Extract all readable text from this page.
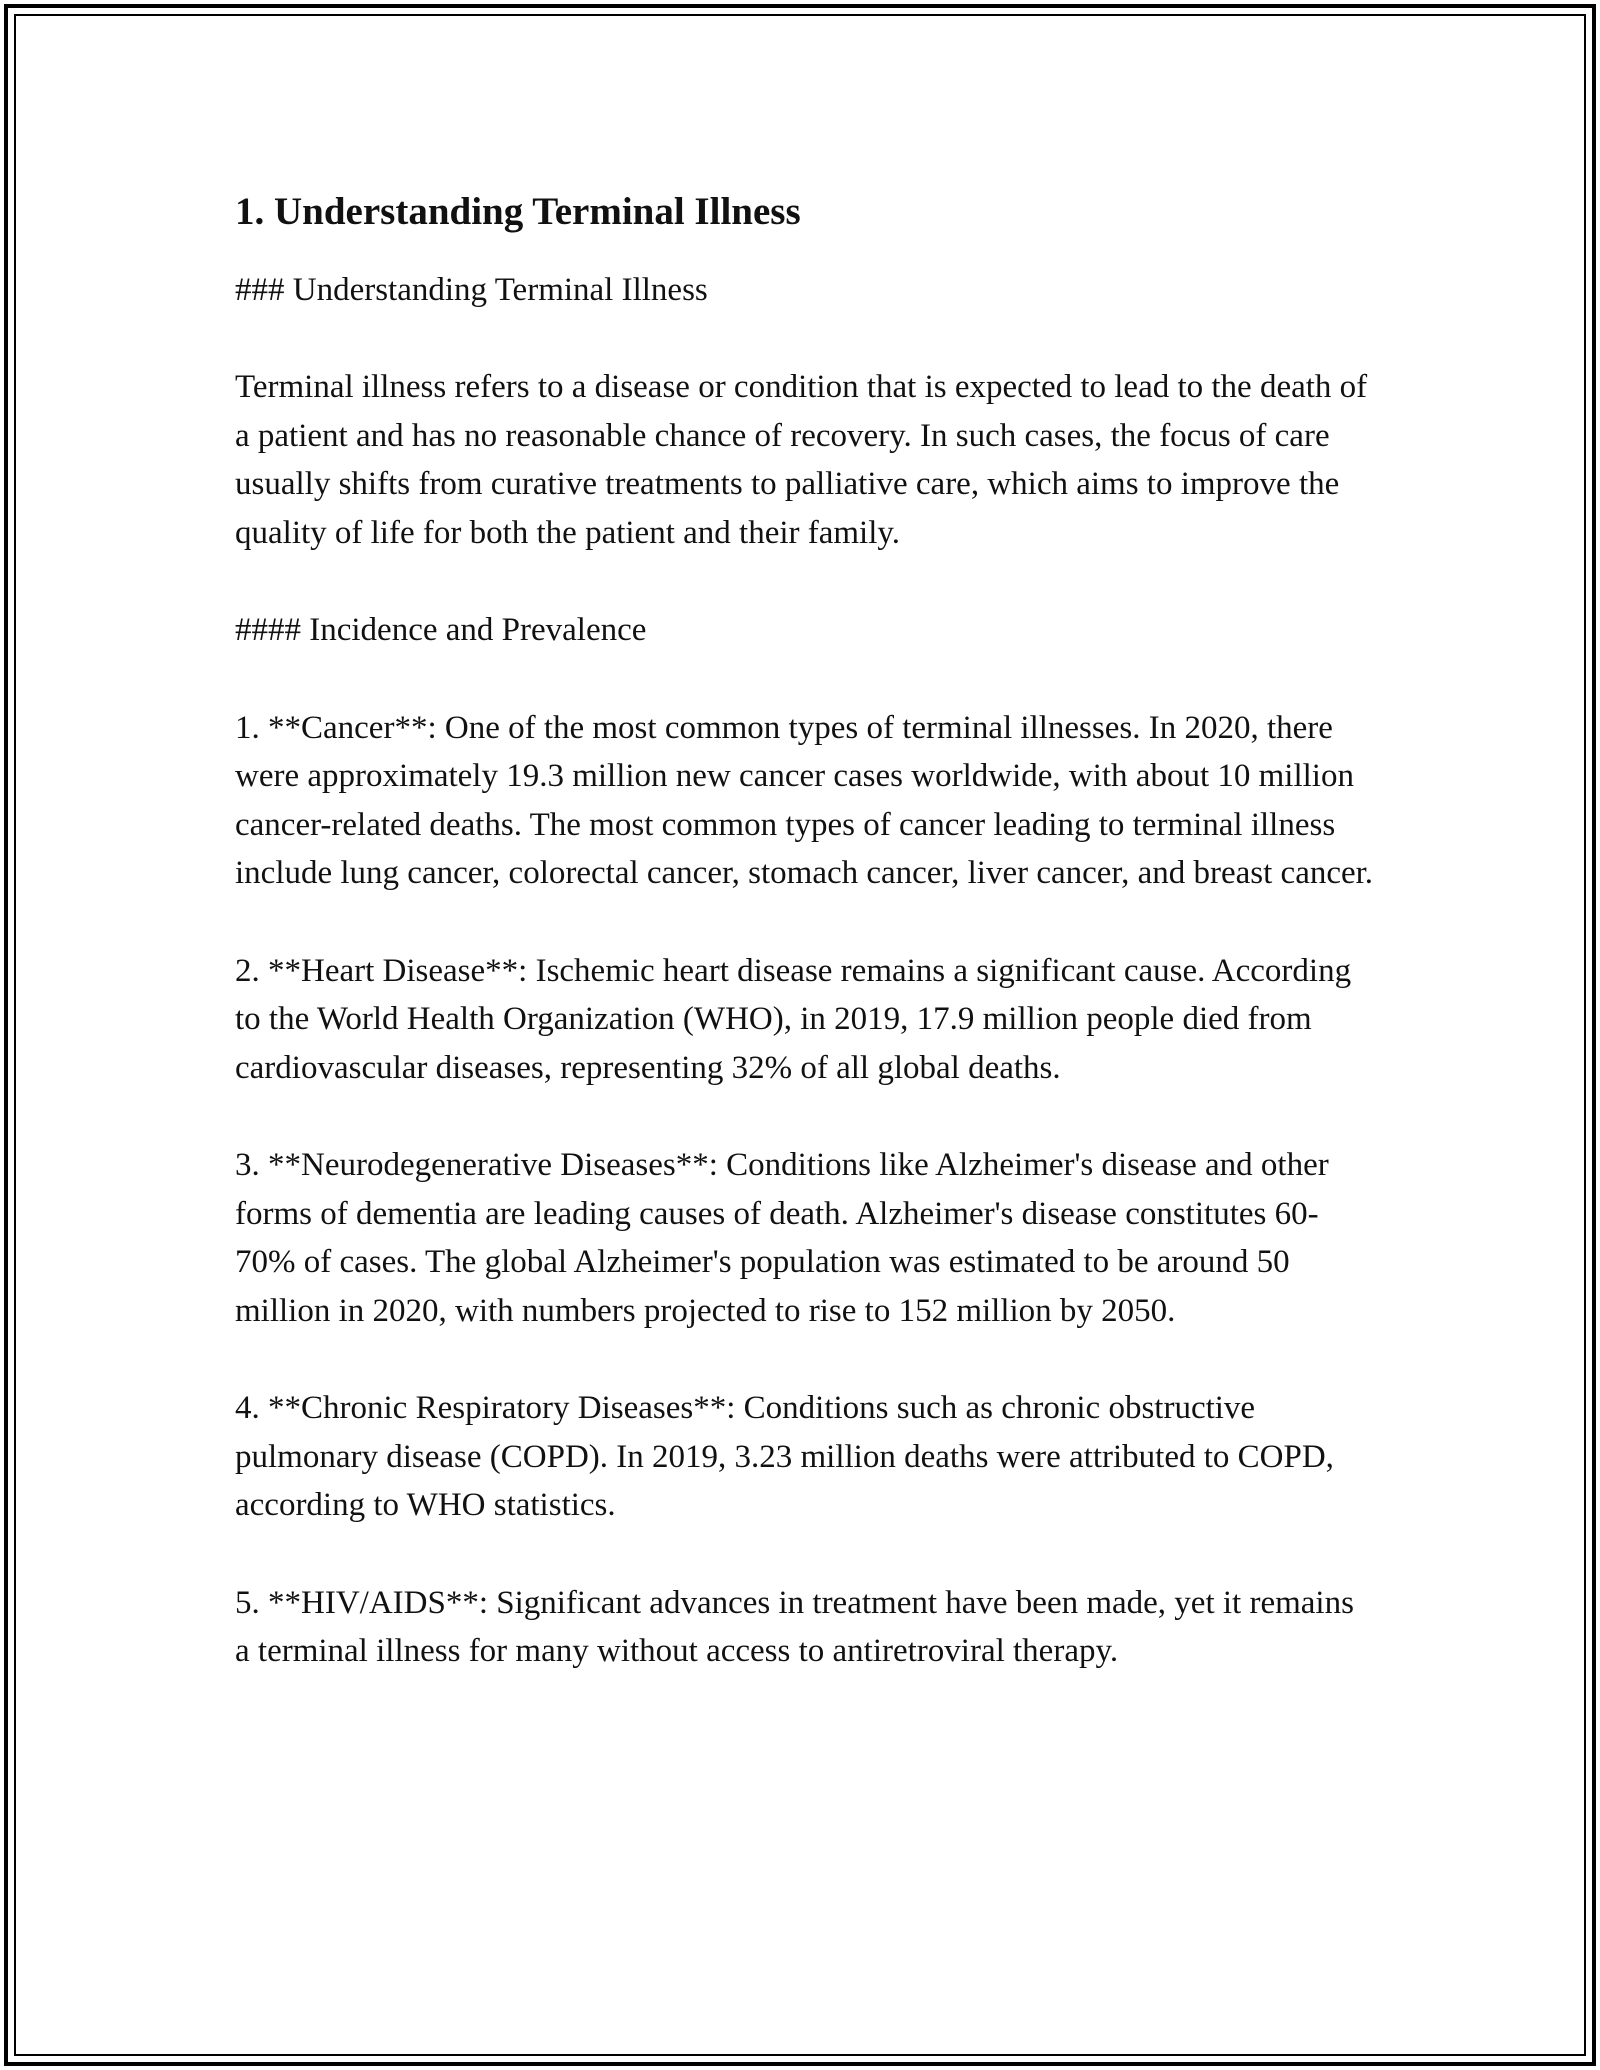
1. Understanding Terminal Illness

### Understanding Terminal Illness

Terminal illness refers to a disease or condition that is expected to lead to the death of a patient and has no reasonable chance of recovery. In such cases, the focus of care usually shifts from curative treatments to palliative care, which aims to improve the quality of life for both the patient and their family.

#### Incidence and Prevalence

1. **Cancer**: One of the most common types of terminal illnesses. In 2020, there were approximately 19.3 million new cancer cases worldwide, with about 10 million cancer-related deaths. The most common types of cancer leading to terminal illness include lung cancer, colorectal cancer, stomach cancer, liver cancer, and breast cancer.

2. **Heart Disease**: Ischemic heart disease remains a significant cause. According to the World Health Organization (WHO), in 2019, 17.9 million people died from cardiovascular diseases, representing 32% of all global deaths.

3. **Neurodegenerative Diseases**: Conditions like Alzheimer's disease and other forms of dementia are leading causes of death. Alzheimer's disease constitutes 60-70% of cases. The global Alzheimer's population was estimated to be around 50 million in 2020, with numbers projected to rise to 152 million by 2050.

4. **Chronic Respiratory Diseases**: Conditions such as chronic obstructive pulmonary disease (COPD). In 2019, 3.23 million deaths were attributed to COPD, according to WHO statistics.

5. **HIV/AIDS**: Significant advances in treatment have been made, yet it remains a terminal illness for many without access to antiretroviral therapy.
